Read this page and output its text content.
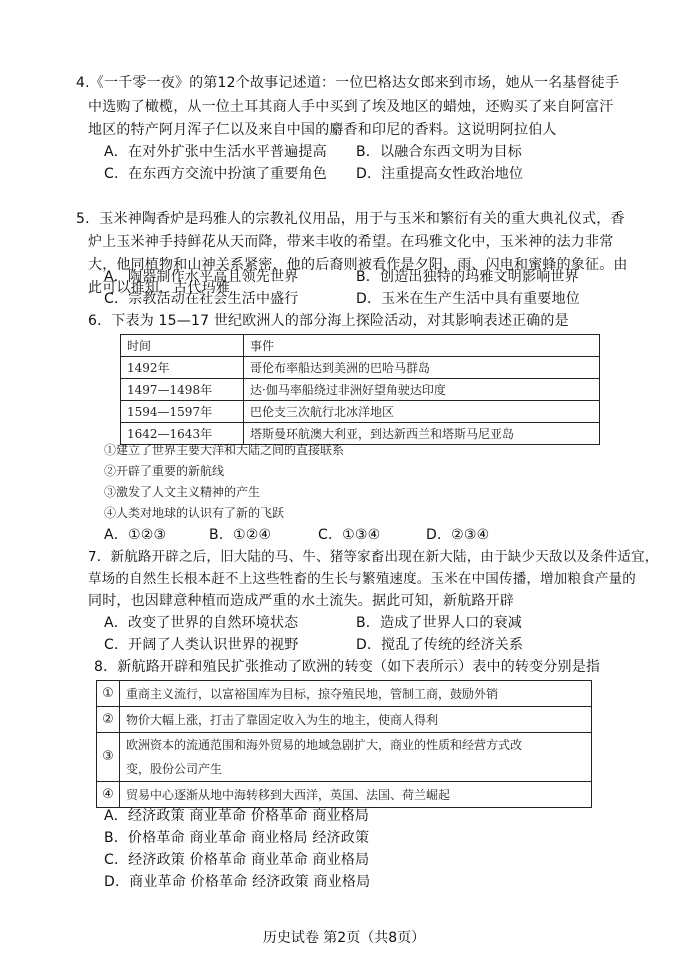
4.《一千零一夜》的第12个故事记述道：一位巴格达女郎来到市场，她从一名基督徒手
中选购了橄榄，从一位土耳其商人手中买到了埃及地区的蜡烛，还购买了来自阿富汗
地区的特产阿月浑子仁以及来自中国的麝香和印尼的香料。这说明阿拉伯人
A．在对外扩张中生活水平普遍提高 B．以融合东西文明为目标
C．在东西方交流中扮演了重要角色 D．注重提高女性政治地位
5．玉米神陶香炉是玛雅人的宗教礼仪用品，用于与玉米和繁衍有关的重大典礼仪式，香
炉上玉米神手持鲜花从天而降，带来丰收的希望。在玛雅文化中，玉米神的法力非常
大，他同植物和山神关系紧密，他的后裔则被看作是夕阳、雨、闪电和蜜蜂的象征。由
此可以推知，古代玛雅
A．陶器制作水平高且领先世界	B．创造出独特的玛雅文明影响世界
C．宗教活动在社会生活中盛行	D．玉米在生产生活中具有重要地位
6．下表为 15—17 世纪欧洲人的部分海上探险活动，对其影响表述正确的是
时间	事件
1492年	哥伦布率船达到美洲的巴哈马群岛
1497—1498年	达·伽马率船绕过非洲好望角驶达印度
1594—1597年	巴伦支三次航行北冰洋地区
1642—1643年	塔斯曼环航澳大利亚，到达新西兰和塔斯马尼亚岛
①建立了世界主要大洋和大陆之间的直接联系
②开辟了重要的新航线
③激发了人文主义精神的产生
④人类对地球的认识有了新的飞跃
A．①②③	B．①②④	C．①③④	D．②③④
7．新航路开辟之后，旧大陆的马、牛、猪等家畜出现在新大陆，由于缺少天敌以及条件适宜，
草场的自然生长根本赶不上这些牲畜的生长与繁殖速度。玉米在中国传播，增加粮食产量的
同时，也因肆意种植而造成严重的水土流失。据此可知，新航路开辟
A．改变了世界的自然环境状态	B．造成了世界人口的衰减
C．开阔了人类认识世界的视野	D．搅乱了传统的经济关系
8．新航路开辟和殖民扩张推动了欧洲的转变（如下表所示）表中的转变分别是指
①	重商主义流行，以富裕国库为目标，掠夺殖民地，管制工商，鼓励外销
②	物价大幅上涨，打击了靠固定收入为生的地主，使商人得利
③	欧洲资本的流通范围和海外贸易的地域急剧扩大，商业的性质和经营方式改
变，股份公司产生

④	贸易中心逐渐从地中海转移到大西洋，英国、法国、荷兰崛起
A．经济政策 商业革命 价格革命 商业格局
B．价格革命 商业革命 商业格局 经济政策
C．经济政策 价格革命 商业革命 商业格局
D．商业革命 价格革命 经济政策 商业格局
历史试卷 第2页（共8页）
